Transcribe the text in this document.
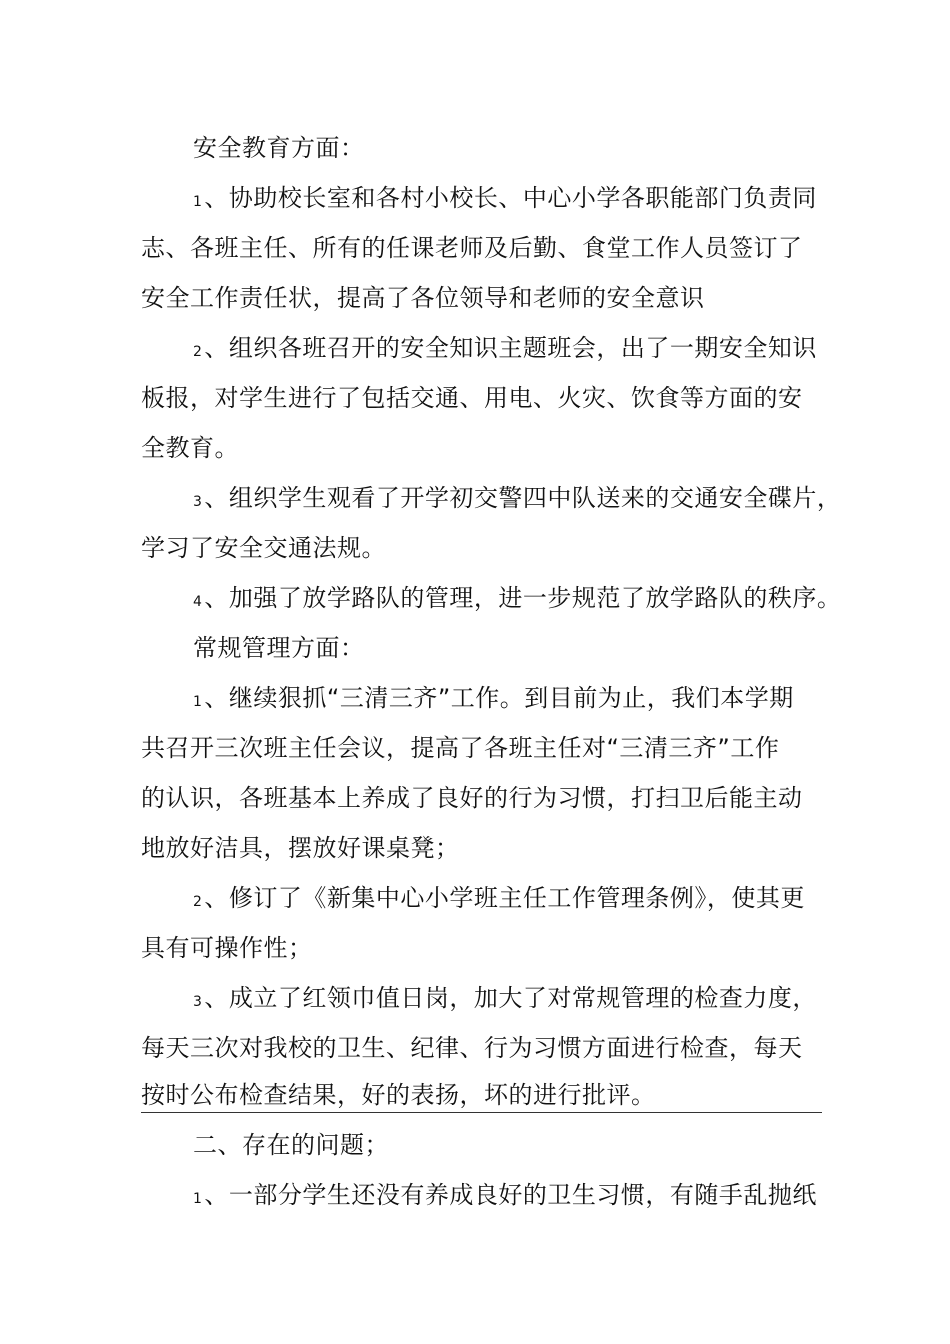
安全教育方面：
1、协助校长室和各村小校长、中心小学各职能部门负责同
志、各班主任、所有的任课老师及后勤、食堂工作人员签订了
安全工作责任状，提高了各位领导和老师的安全意识
2、组织各班召开的安全知识主题班会，出了一期安全知识
板报，对学生进行了包括交通、用电、火灾、饮食等方面的安
全教育。
3、组织学生观看了开学初交警四中队送来的交通安全碟片，
学习了安全交通法规。
4、加强了放学路队的管理，进一步规范了放学路队的秩序。
常规管理方面：
1、继续狠抓“三清三齐”工作。到目前为止，我们本学期
共召开三次班主任会议，提高了各班主任对“三清三齐”工作
的认识，各班基本上养成了良好的行为习惯，打扫卫后能主动
地放好洁具，摆放好课桌凳；
2、修订了《新集中心小学班主任工作管理条例》，使其更
具有可操作性；
3、成立了红领巾值日岗，加大了对常规管理的检查力度，
每天三次对我校的卫生、纪律、行为习惯方面进行检查，每天
按时公布检查结果，好的表扬，坏的进行批评。
二、存在的问题；
1、一部分学生还没有养成良好的卫生习惯，有随手乱抛纸
